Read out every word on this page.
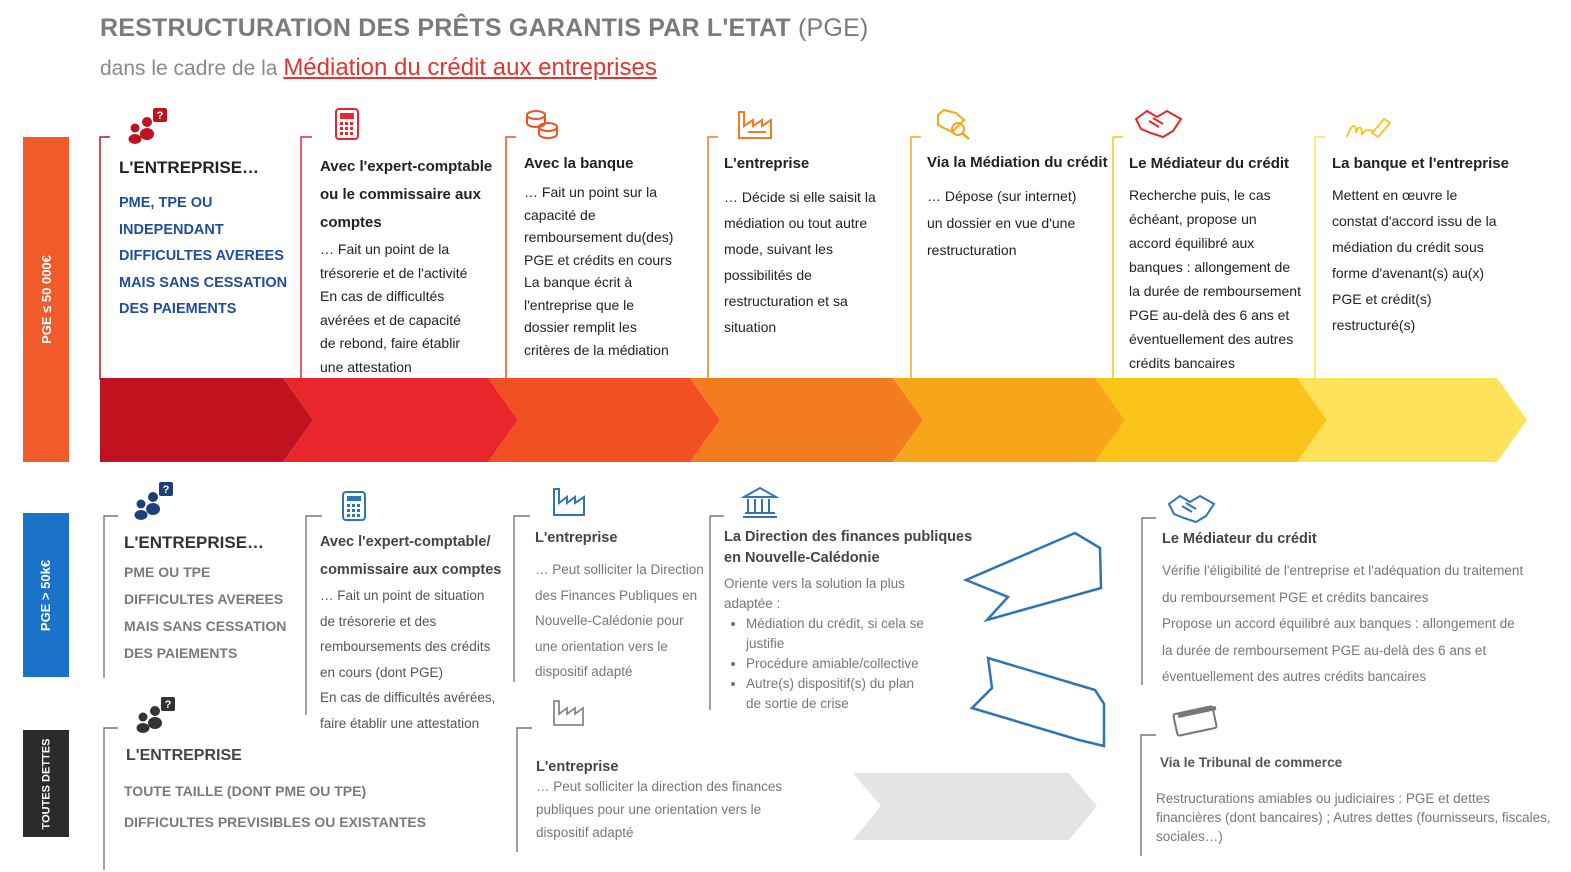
RESTRUCTURATION DES PRÊTS GARANTIS PAR L'ETAT (PGE)
dans le cadre de la Médiation du crédit aux entreprises
PGE ≤ 50 000€
PGE > 50k€
TOUTES DETTES
?
L'ENTREPRISE…
PME, TPE OU
INDEPENDANT
DIFFICULTES AVEREES
MAIS SANS CESSATION
DES PAIEMENTS
Avec l'expert-comptable
ou le commissaire aux
comptes
… Fait un point de la
trésorerie et de l'activité
En cas de difficultés
avérées et de capacité
de rebond, faire établir
une attestation
Avec la banque
… Fait un point sur la
capacité de
remboursement du(des)
PGE et crédits en cours
La banque écrit à
l'entreprise que le
dossier remplit les
critères de la médiation
L'entreprise
… Décide si elle saisit la
médiation ou tout autre
mode, suivant les
possibilités de
restructuration et sa
situation
Via la Médiation du crédit
… Dépose (sur internet)
un dossier en vue d'une
restructuration
Le Médiateur du crédit
Recherche puis, le cas
échéant, propose un
accord équilibré aux
banques : allongement de
la durée de remboursement
PGE au-delà des 6 ans et
éventuellement des autres
crédits bancaires
La banque et l'entreprise
Mettent en œuvre le
constat d'accord issu de la
médiation du crédit sous
forme d'avenant(s) au(x)
PGE et crédit(s)
restructuré(s)
?
L'ENTREPRISE…
PME OU TPE
DIFFICULTES AVEREES
MAIS SANS CESSATION
DES PAIEMENTS
Avec l'expert-comptable/
commissaire aux comptes
… Fait un point de situation
de trésorerie et des
remboursements des crédits
en cours (dont PGE)
En cas de difficultés avérées,
faire établir une attestation
L'entreprise
… Peut solliciter la Direction
des Finances Publiques en
Nouvelle-Calédonie pour
une orientation vers le
dispositif adapté
La Direction des finances publiques
en Nouvelle-Calédonie
Oriente vers la solution la plus
adaptée :
• Médiation du crédit, si cela se
justifie
• Procédure amiable/collective
• Autre(s) dispositif(s) du plan
de sortie de crise
Le Médiateur du crédit
Vérifie l'éligibilité de l'entreprise et l'adéquation du traitement
du remboursement PGE et crédits bancaires
Propose un accord équilibré aux banques : allongement de
la durée de remboursement PGE au-delà des 6 ans et
éventuellement des autres crédits bancaires
?
L'ENTREPRISE
TOUTE TAILLE (DONT PME OU TPE)
DIFFICULTES PREVISIBLES OU EXISTANTES
L'entreprise
… Peut solliciter la direction des finances
publiques pour une orientation vers le
dispositif adapté
Via le Tribunal de commerce
Restructurations amiables ou judiciaires : PGE et dettes
financières (dont bancaires) ; Autres dettes (fournisseurs, fiscales,
sociales…)
